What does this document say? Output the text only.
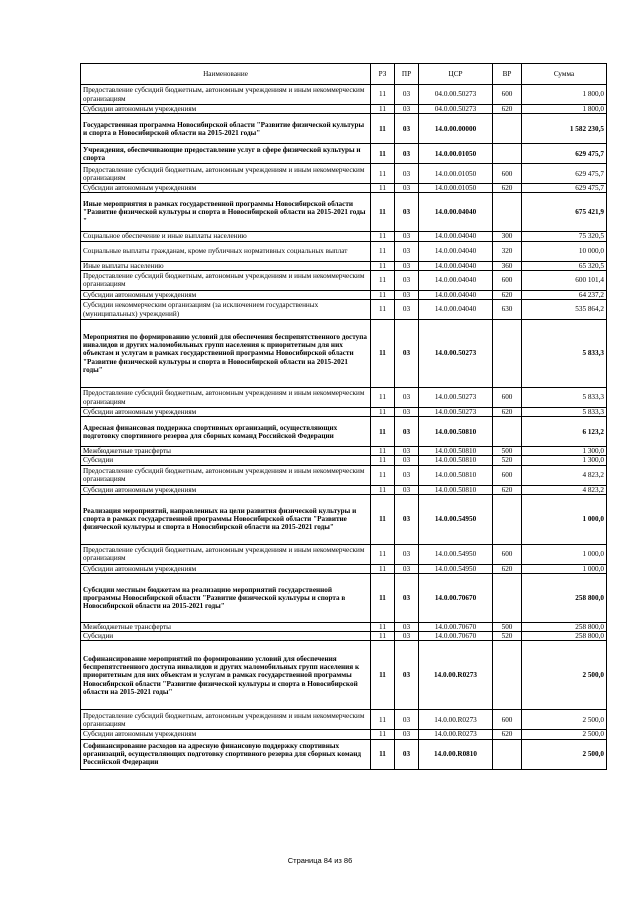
Наименование	РЗ	ПР	ЦСР	ВР	Сумма
Предоставление субсидий бюджетным, автономным учреждениям и иным некоммерческим организациям	11	03	04.0.00.50273	600	1 800,0
Субсидии автономным учреждениям	11	03	04.0.00.50273	620	1 800,0
Государственная программа Новосибирской области "Развитие физической культуры и спорта в Новосибирской области на 2015-2021 годы"	11	03	14.0.00.00000		1 582 230,5
Учреждения, обеспечивающие предоставление услуг в сфере физической культуры и спорта	11	03	14.0.00.01050		629 475,7
Предоставление субсидий бюджетным, автономным учреждениям и иным некоммерческим организациям	11	03	14.0.00.01050	600	629 475,7
Субсидии автономным учреждениям	11	03	14.0.00.01050	620	629 475,7
Иные мероприятия в рамках государственной программы Новосибирской области "Развитие физической культуры и спорта в Новосибирской области на 2015-2021 годы "	11	03	14.0.00.04040		675 421,9
Социальное обеспечение и иные выплаты населению	11	03	14.0.00.04040	300	75 320,5
Социальные выплаты гражданам, кроме публичных нормативных социальных выплат	11	03	14.0.00.04040	320	10 000,0
Иные выплаты населению	11	03	14.0.00.04040	360	65 320,5
Предоставление субсидий бюджетным, автономным учреждениям и иным некоммерческим организациям	11	03	14.0.00.04040	600	600 101,4
Субсидии автономным учреждениям	11	03	14.0.00.04040	620	64 237,2
Субсидии некоммерческим организациям (за исключением государственных (муниципальных) учреждений)	11	03	14.0.00.04040	630	535 864,2
Мероприятия по формированию условий для обеспечения беспрепятственного доступа инвалидов и других маломобильных групп населения к приоритетным для них объектам и услугам в рамках государственной программы Новосибирской области "Развитие физической культуры и спорта в Новосибирской области на 2015-2021 годы"	11	03	14.0.00.50273		5 833,3
Предоставление субсидий бюджетным, автономным учреждениям и иным некоммерческим организациям	11	03	14.0.00.50273	600	5 833,3
Субсидии автономным учреждениям	11	03	14.0.00.50273	620	5 833,3
Адресная финансовая поддержка спортивных организаций, осуществляющих подготовку спортивного резерва для сборных команд Российской Федерации	11	03	14.0.00.50810		6 123,2
Межбюджетные трансферты	11	03	14.0.00.50810	500	1 300,0
Субсидии	11	03	14.0.00.50810	520	1 300,0
Предоставление субсидий бюджетным, автономным учреждениям и иным некоммерческим организациям	11	03	14.0.00.50810	600	4 823,2
Субсидии автономным учреждениям	11	03	14.0.00.50810	620	4 823,2
Реализация мероприятий, направленных на цели развития физической культуры и спорта в рамках государственной программы Новосибирской области "Развитие физической культуры и спорта в Новосибирской области на 2015-2021 годы"	11	03	14.0.00.54950		1 000,0
Предоставление субсидий бюджетным, автономным учреждениям и иным некоммерческим организациям	11	03	14.0.00.54950	600	1 000,0
Субсидии автономным учреждениям	11	03	14.0.00.54950	620	1 000,0
Субсидии местным бюджетам на реализацию мероприятий государственной программы Новосибирской области "Развитие физической культуры и спорта в Новосибирской области на 2015-2021 годы"	11	03	14.0.00.70670		258 800,0
Межбюджетные трансферты	11	03	14.0.00.70670	500	258 800,0
Субсидии	11	03	14.0.00.70670	520	258 800,0
Софинансирование мероприятий по формированию условий для обеспечения беспрепятственного доступа инвалидов и других маломобильных групп населения к приоритетным для них объектам и услугам в рамках государственной программы Новосибирской области "Развитие физической культуры и спорта в Новосибирской области на 2015-2021 годы"	11	03	14.0.00.R0273		2 500,0
Предоставление субсидий бюджетным, автономным учреждениям и иным некоммерческим организациям	11	03	14.0.00.R0273	600	2 500,0
Субсидии автономным учреждениям	11	03	14.0.00.R0273	620	2 500,0
Софинансирование расходов на адресную финансовую поддержку спортивных организаций, осуществляющих подготовку спортивного резерва для сборных команд Российской Федерации	11	03	14.0.00.R0810		2 500,0
Страница 84 из 86
